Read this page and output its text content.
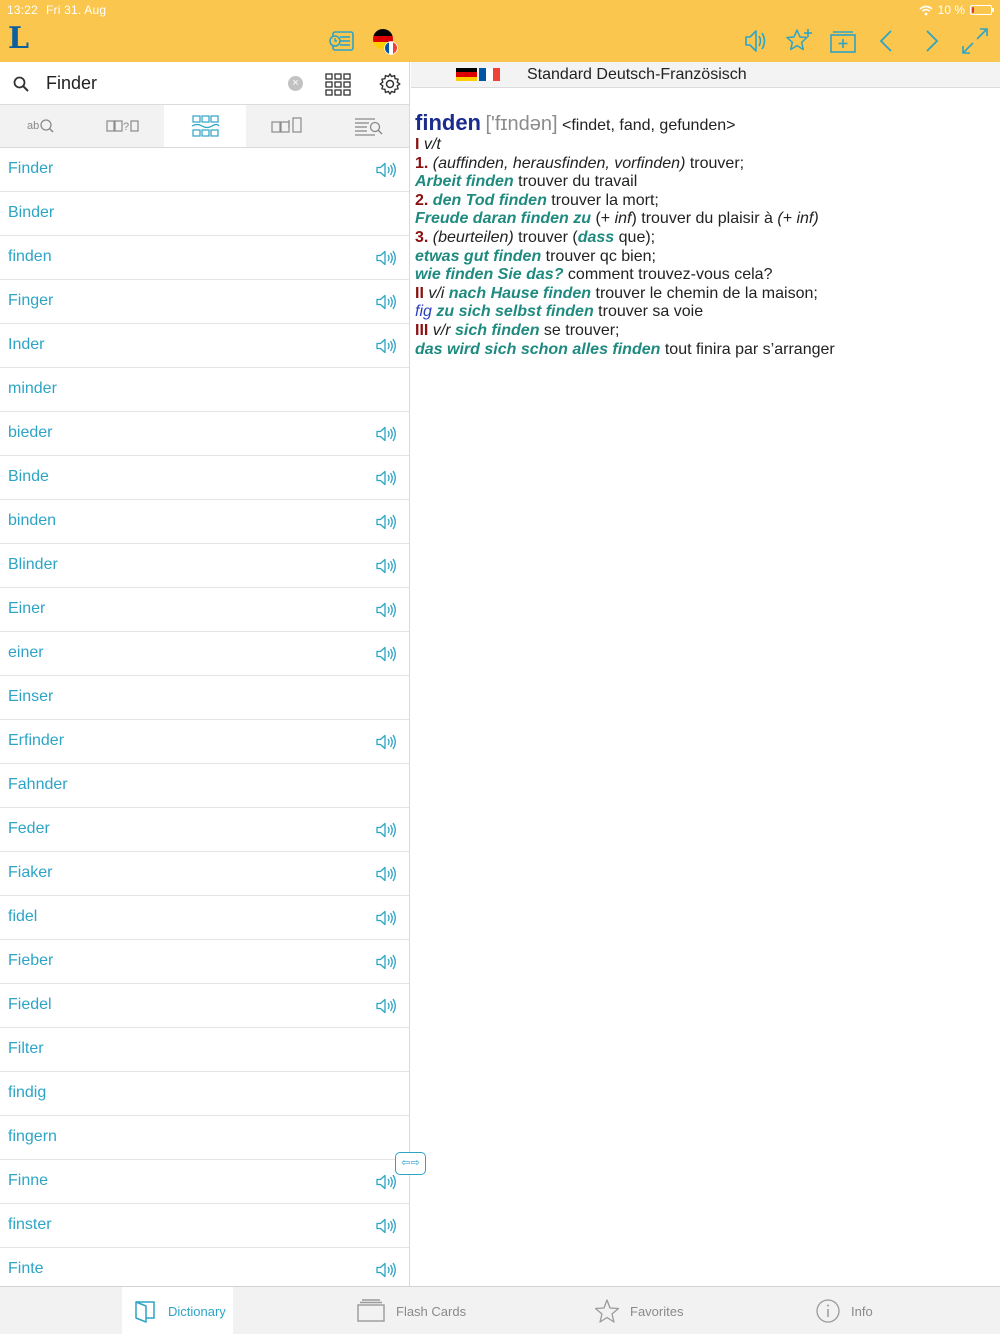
13:22 Fri 31. Aug	10 %
L
Finder
×
ab	?
Finder
Binder
finden
Finger
Inder
minder
bieder
Binde
binden
Blinder
Einer
einer
Einser
Erfinder
Fahnder
Feder
Fiaker
fidel
Fieber
Fiedel
Filter
findig
fingern
Finne
finster
Finte
⇦⇨
Standard Deutsch-Französisch
finden ['fɪndən] <findet, fand, gefunden>
I v/t
1. (auffinden, herausfinden, vorfinden) trouver;
Arbeit finden trouver du travail
2. den Tod finden trouver la mort;
Freude daran finden zu (+ inf) trouver du plaisir à (+ inf)
3. (beurteilen) trouver (dass que);
etwas gut finden trouver qc bien;
wie finden Sie das? comment trouvez-vous cela?
II v/i nach Hause finden trouver le chemin de la maison;
fig zu sich selbst finden trouver sa voie
III v/r sich finden se trouver;
das wird sich schon alles finden tout finira par s’arranger
Dictionary	Flash Cards	Favorites	Info
